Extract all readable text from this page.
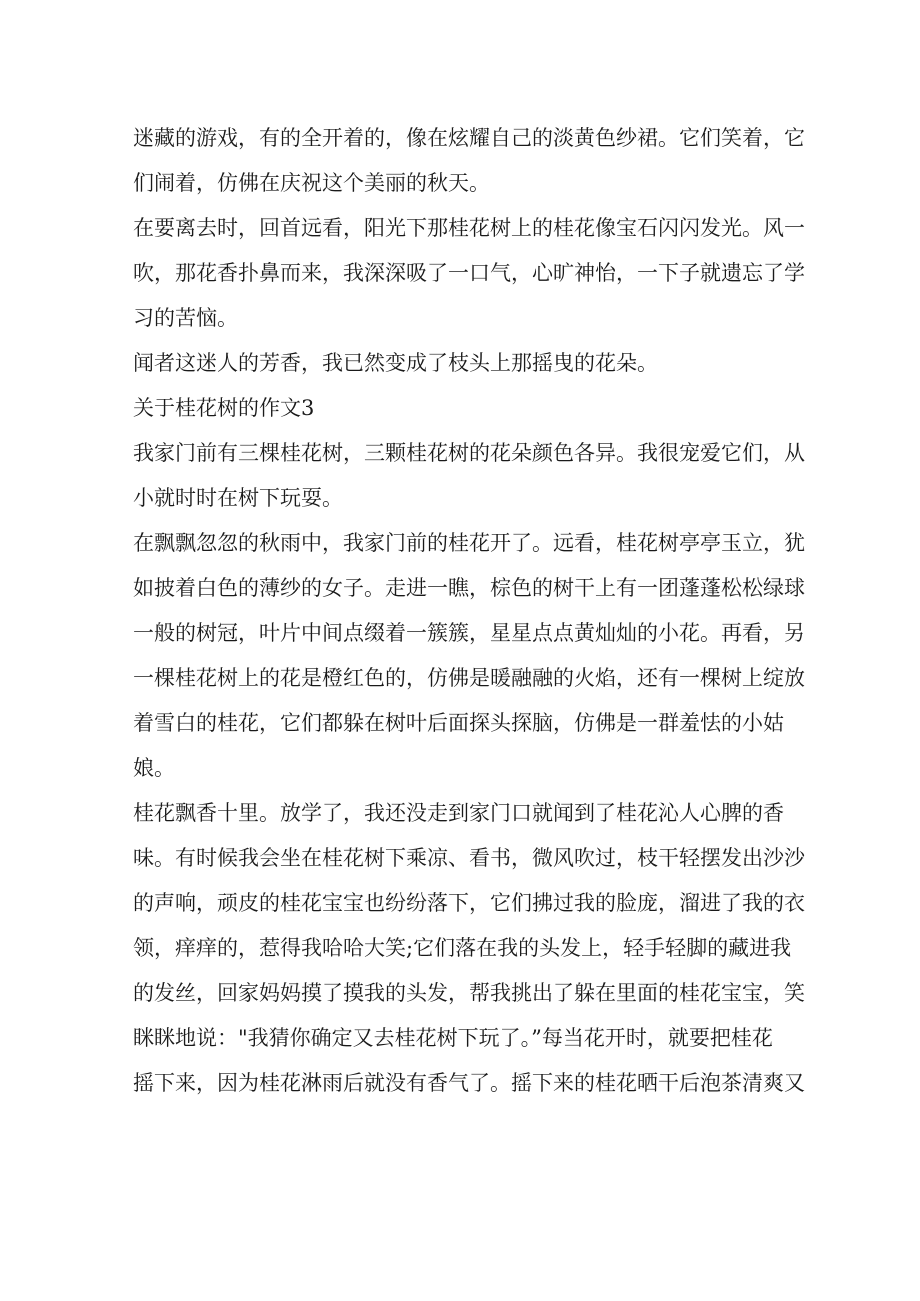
迷藏的游戏，有的全开着的，像在炫耀自己的淡黄色纱裙。它们笑着，它
们闹着，仿佛在庆祝这个美丽的秋天。
在要离去时，回首远看，阳光下那桂花树上的桂花像宝石闪闪发光。风一
吹，那花香扑鼻而来，我深深吸了一口气，心旷神怡，一下子就遗忘了学
习的苦恼。
闻者这迷人的芳香，我已然变成了枝头上那摇曳的花朵。
关于桂花树的作文3
我家门前有三棵桂花树，三颗桂花树的花朵颜色各异。我很宠爱它们，从
小就时时在树下玩耍。
在飘飘忽忽的秋雨中，我家门前的桂花开了。远看，桂花树亭亭玉立，犹
如披着白色的薄纱的女子。走进一瞧，棕色的树干上有一团蓬蓬松松绿球
一般的树冠，叶片中间点缀着一簇簇，星星点点黄灿灿的小花。再看，另
一棵桂花树上的花是橙红色的，仿佛是暖融融的火焰，还有一棵树上绽放
着雪白的桂花，它们都躲在树叶后面探头探脑，仿佛是一群羞怯的小姑
娘。
桂花飘香十里。放学了，我还没走到家门口就闻到了桂花沁人心脾的香
味。有时候我会坐在桂花树下乘凉、看书，微风吹过，枝干轻摆发出沙沙
的声响，顽皮的桂花宝宝也纷纷落下，它们拂过我的脸庞，溜进了我的衣
领，痒痒的，惹得我哈哈大笑;它们落在我的头发上，轻手轻脚的藏进我
的发丝，回家妈妈摸了摸我的头发，帮我挑出了躲在里面的桂花宝宝，笑
眯眯地说："我猜你确定又去桂花树下玩了。”每当花开时，就要把桂花
摇下来，因为桂花淋雨后就没有香气了。摇下来的桂花晒干后泡茶清爽又
